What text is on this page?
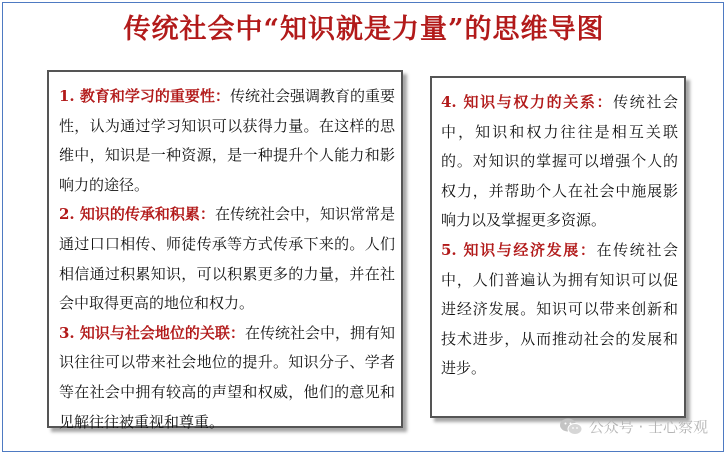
传统社会中“知识就是力量”的思维导图

1. 教育和学习的重要性：传统社会强调教育的重要性，认为通过学习知识可以获得力量。在这样的思维中，知识是一种资源，是一种提升个人能力和影响力的途径。

2. 知识的传承和积累：在传统社会中，知识常常是通过口口相传、师徒传承等方式传承下来的。人们相信通过积累知识，可以积累更多的力量，并在社会中取得更高的地位和权力。

3. 知识与社会地位的关联：在传统社会中，拥有知识往往可以带来社会地位的提升。知识分子、学者等在社会中拥有较高的声望和权威，他们的意见和见解往往被重视和尊重。

4. 知识与权力的关系：传统社会中，知识和权力往往是相互关联的。对知识的掌握可以增强个人的权力，并帮助个人在社会中施展影响力以及掌握更多资源。

5. 知识与经济发展：在传统社会中，人们普遍认为拥有知识可以促进经济发展。知识可以带来创新和技术进步，从而推动社会的发展和进步。

公众号 · 士心察观
